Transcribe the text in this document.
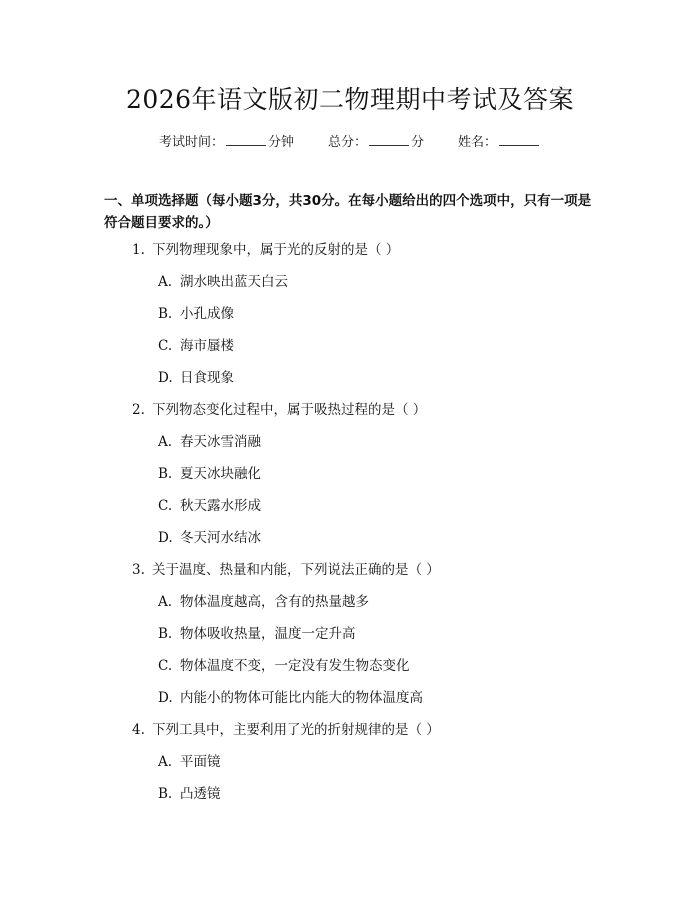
2026年语文版初二物理期中考试及答案
考试时间：	分钟	总分：	分	姓名：
一、单项选择题（每小题3分，共30分。在每小题给出的四个选项中，只有一项是符合题目要求的。）
1. 下列物理现象中，属于光的反射的是（ ）
A. 湖水映出蓝天白云
B. 小孔成像
C. 海市蜃楼
D. 日食现象
2. 下列物态变化过程中，属于吸热过程的是（ ）
A. 春天冰雪消融
B. 夏天冰块融化
C. 秋天露水形成
D. 冬天河水结冰
3. 关于温度、热量和内能，下列说法正确的是（ ）
A. 物体温度越高，含有的热量越多
B. 物体吸收热量，温度一定升高
C. 物体温度不变，一定没有发生物态变化
D. 内能小的物体可能比内能大的物体温度高
4. 下列工具中，主要利用了光的折射规律的是（ ）
A. 平面镜
B. 凸透镜
